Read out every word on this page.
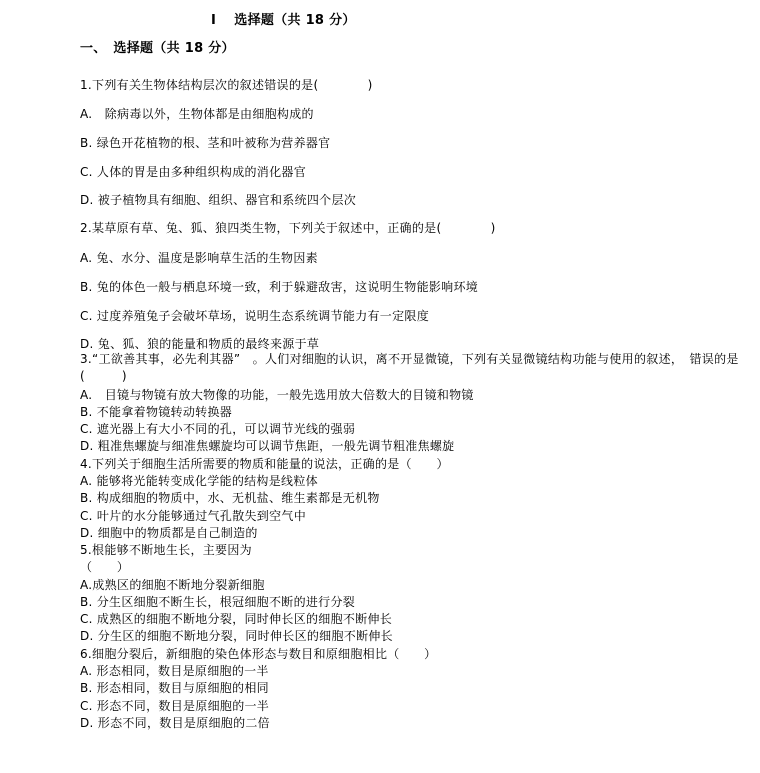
I　 选择题（共 18 分）
一、　选择题（共 18 分）
1.下列有关生物体结构层次的叙述错误的是(　　　　)
A.　除病毒以外，生物体都是由细胞构成的
B. 绿色开花植物的根、茎和叶被称为营养器官
C. 人体的胃是由多种组织构成的消化器官
D. 被子植物具有细胞、组织、器官和系统四个层次
2.某草原有草、兔、狐、狼四类生物，下列关于叙述中，正确的是(　　　　)
A. 兔、水分、温度是影响草生活的生物因素
B. 兔的体色一般与栖息环境一致，利于躲避敌害，这说明生物能影响环境
C. 过度养殖兔子会破坏草场，说明生态系统调节能力有一定限度
D. 兔、狐、狼的能量和物质的最终来源于草
3.“工欲善其事，必先利其器”　。人们对细胞的认识，离不开显微镜，下列有关显微镜结构功能与使用的叙述，　错误的是(　　　)
A.　目镜与物镜有放大物像的功能，一般先选用放大倍数大的目镜和物镜
B. 不能拿着物镜转动转换器
C. 遮光器上有大小不同的孔，可以调节光线的强弱
D. 粗准焦螺旋与细准焦螺旋均可以调节焦距，一般先调节粗准焦螺旋
4.下列关于细胞生活所需要的物质和能量的说法，正确的是（　　）
A. 能够将光能转变成化学能的结构是线粒体
B. 构成细胞的物质中，水、无机盐、维生素都是无机物
C. 叶片的水分能够通过气孔散失到空气中
D. 细胞中的物质都是自己制造的
5.根能够不断地生长，主要因为
（　　）
A.成熟区的细胞不断地分裂新细胞
B. 分生区细胞不断生长，根冠细胞不断的进行分裂
C. 成熟区的细胞不断地分裂，同时伸长区的细胞不断伸长
D. 分生区的细胞不断地分裂，同时伸长区的细胞不断伸长
6.细胞分裂后，新细胞的染色体形态与数目和原细胞相比（　　）
A. 形态相同，数目是原细胞的一半
B. 形态相同，数目与原细胞的相同
C. 形态不同，数目是原细胞的一半
D. 形态不同，数目是原细胞的二倍
